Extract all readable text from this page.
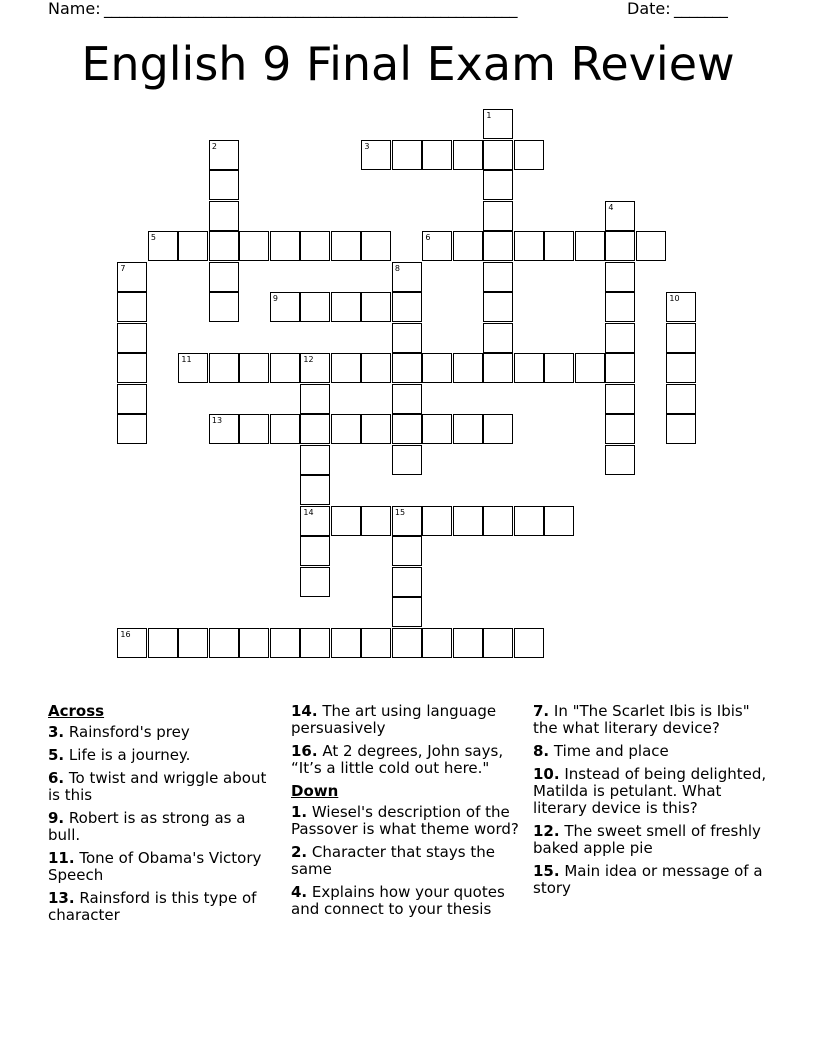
Name: ______________________________________________________	Date: _______
English 9 Final Exam Review
1
2	3
4
5	6
7	8
9	10
11	12
14
13
15
16
Across
3. Rainsford's prey
5. Life is a journey.
6. To twist and wriggle about is this
9. Robert is as strong as a bull.
11. Tone of Obama's Victory Speech
13. Rainsford is this type of character
14. The art using language persuasively
16. At 2 degrees, John says, “It’s a little cold out here."
Down
1. Wiesel's description of the Passover is what theme word?
2. Character that stays the same
4. Explains how your quotes and connect to your thesis
7. In "The Scarlet Ibis is Ibis" the what literary device?
8. Time and place
10. Instead of being delighted, Matilda is petulant. What literary device is this?
12. The sweet smell of freshly baked apple pie
15. Main idea or message of a story
